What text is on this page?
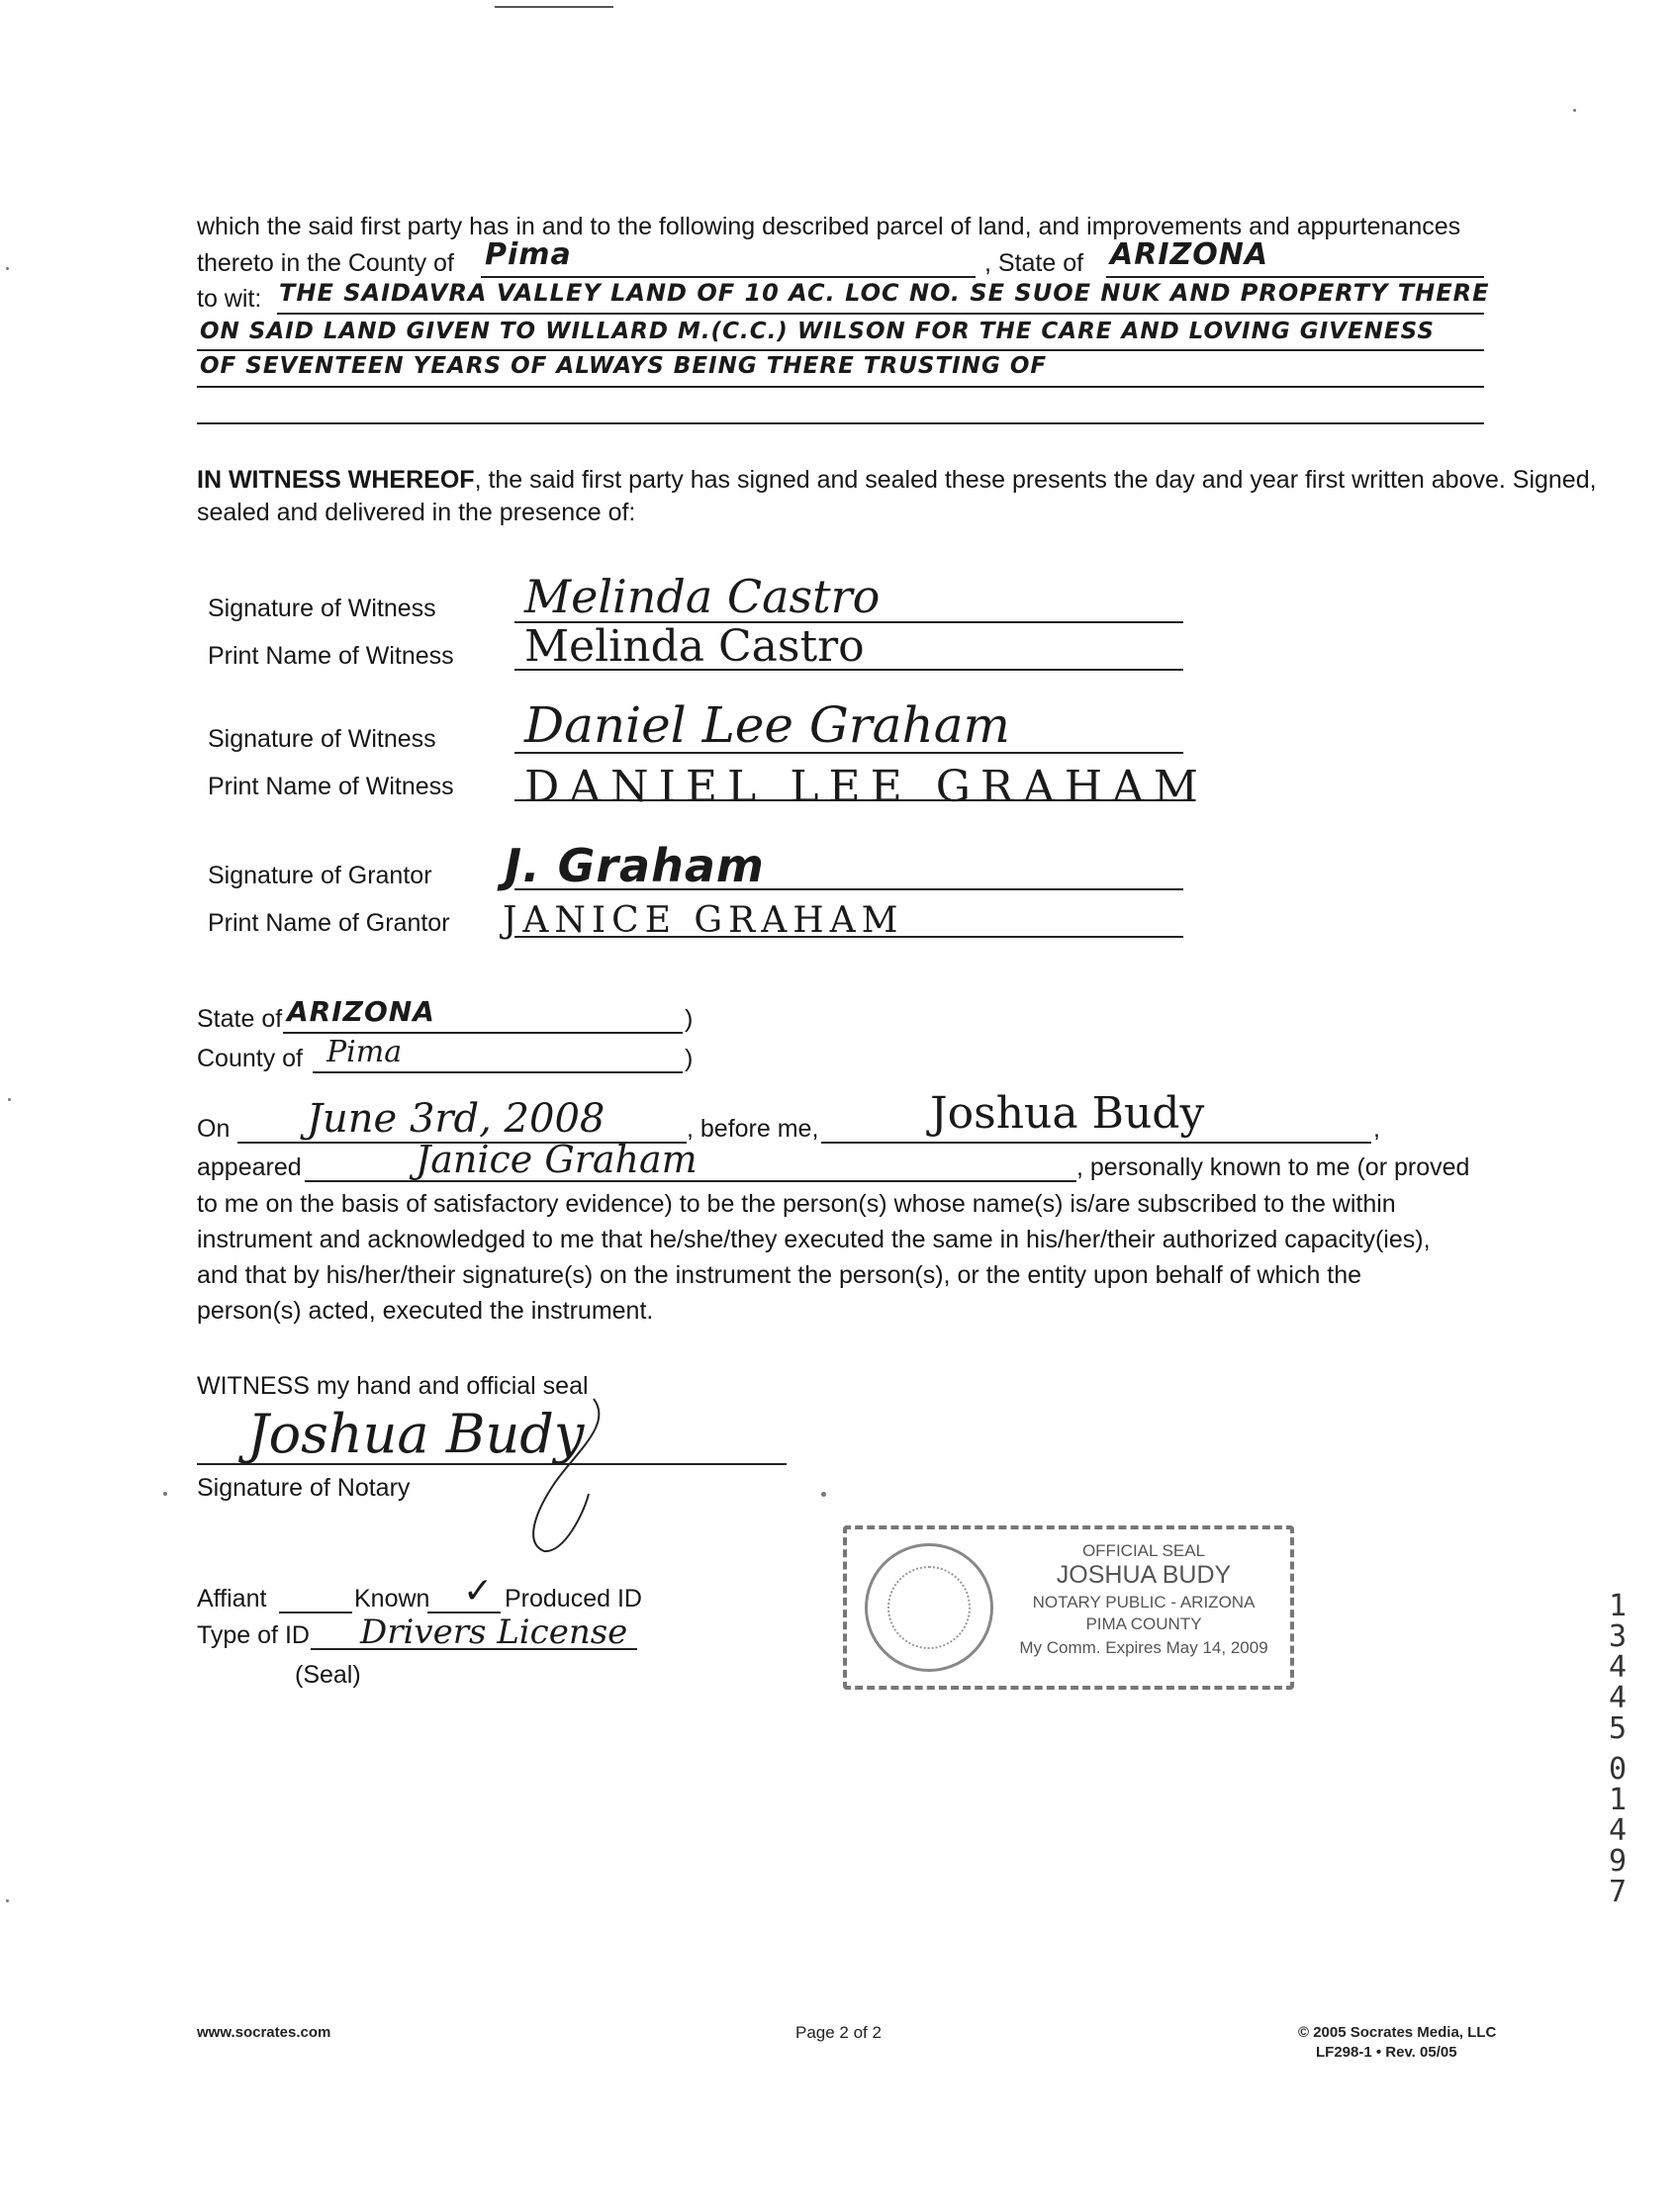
which the said first party has in and to the following described parcel of land, and improvements and appurtenances
thereto in the County of Pima	, State of ARIZONA
to wit: THE SAIDAVRA VALLEY LAND OF 10 AC. LOC NO. SE SUOE NUK AND PROPERTY THERE
ON SAID LAND GIVEN TO WILLARD M.(C.C.) WILSON FOR THE CARE AND LOVING GIVENESS
OF SEVENTEEN YEARS OF ALWAYS BEING THERE TRUSTING OF
IN WITNESS WHEREOF, the said first party has signed and sealed these presents the day and year first written above. Signed,
sealed and delivered in the presence of:
Signature of Witness Melinda Castro
Print Name of Witness Melinda Castro
Signature of Witness Daniel Lee Graham
Print Name of Witness DANIEL LEE GRAHAM
Signature of Grantor J. Graham
Print Name of Grantor JANICE GRAHAM
State of ARIZONA	)
County of Pima	)
On June 3rd, 2008	, before me,	Joshua Budy	,
appeared	Janice Graham	, personally known to me (or proved
to me on the basis of satisfactory evidence) to be the person(s) whose name(s) is/are subscribed to the within
instrument and acknowledged to me that he/she/they executed the same in his/her/their authorized capacity(ies),
and that by his/her/their signature(s) on the instrument the person(s), or the entity upon behalf of which the
person(s) acted, executed the instrument.
WITNESS my hand and official seal
Joshua Budy
Signature of Notary
Affiant	Known ✓ Produced ID
Type of ID Drivers License
(Seal)
OFFICIAL SEAL
JOSHUA BUDY
NOTARY PUBLIC - ARIZONA
PIMA COUNTY
My Comm. Expires May 14, 2009
1
3
4
4
5
0
1
4
9
7
www.socrates.com	Page 2 of 2	© 2005 Socrates Media, LLC
LF298-1 • Rev. 05/05
